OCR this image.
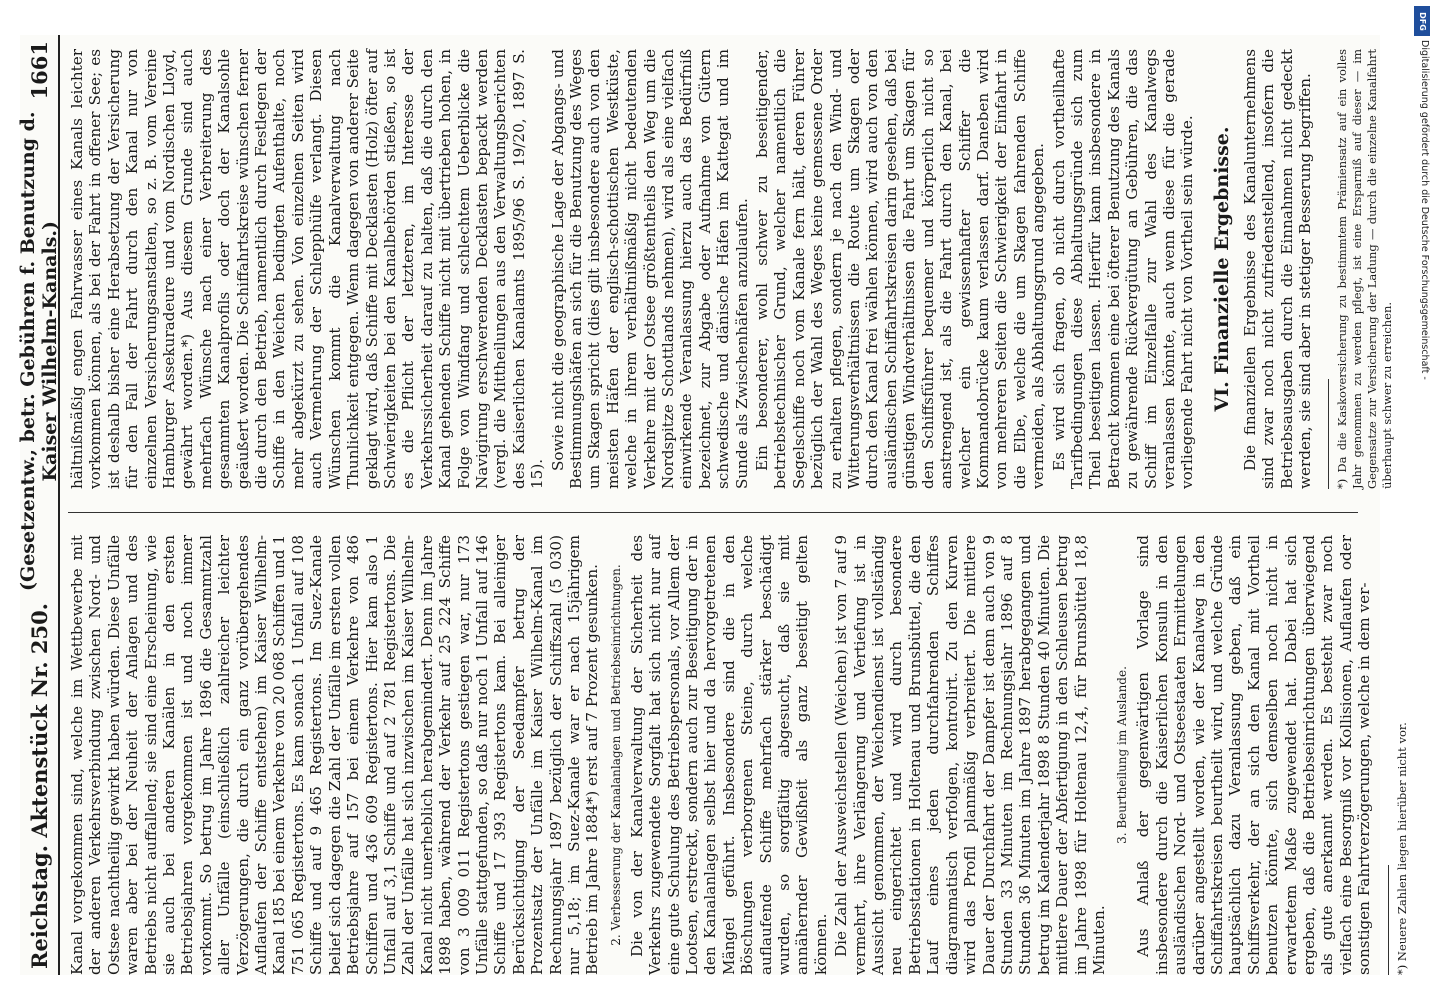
Reichstag. Aktenstück Nr. 250.
(Gesetzentw., betr. Gebühren f. Benutzung d. Kaiser Wilhelm-Kanals.)
1661

Kanal vorgekommen sind, welche im Wettbewerbe mit der anderen Verkehrsverbindung zwischen Nord- und Ostsee nachtheilig gewirkt haben würden. Diese Unfälle waren aber bei der Neuheit der Anlagen und des Betriebs nicht auffallend; sie sind eine Erscheinung, wie sie auch bei anderen Kanälen in den ersten Betriebsjahren vorgekommen ist und noch immer vorkommt. So betrug im Jahre 1896 die Gesammtzahl aller Unfälle (einschließlich zahlreicher leichter Verzögerungen, die durch ein ganz vorübergehendes Auflaufen der Schiffe entstehen) im Kaiser Wilhelm-Kanal 185 bei einem Verkehre von 20 068 Schiffen und 1 751 065 Registertons. Es kam sonach 1 Unfall auf 108 Schiffe und auf 9 465 Registertons. Im Suez-Kanale belief sich dagegen die Zahl der Unfälle im ersten vollen Betriebsjahre auf 157 bei einem Verkehre von 486 Schiffen und 436 609 Registertons. Hier kam also 1 Unfall auf 3,1 Schiffe und auf 2 781 Registertons. Die Zahl der Unfälle hat sich inzwischen im Kaiser Wilhelm-Kanal nicht unerheblich herabgemindert. Denn im Jahre 1898 haben, während der Verkehr auf 25 224 Schiffe von 3 009 011 Registertons gestiegen war, nur 173 Unfälle stattgefunden, so daß nur noch 1 Unfall auf 146 Schiffe und 17 393 Registertons kam. Bei alleiniger Berücksichtigung der Seedampfer betrug der Prozentsatz der Unfälle im Kaiser Wilhelm-Kanal im Rechnungsjahr 1897 bezüglich der Schiffszahl (5 030) nur 5,18; im Suez-Kanale war er nach 15jährigem Betrieb im Jahre 1884*) erst auf 7 Prozent gesunken. 2. Verbesserung der Kanalanlagen und Betriebseinrichtungen. Die von der Kanalverwaltung der Sicherheit des Verkehrs zugewendete Sorgfalt hat sich nicht nur auf eine gute Schulung des Betriebspersonals, vor Allem der Lootsen, erstreckt, sondern auch zur Beseitigung der in den Kanalanlagen selbst hier und da hervorgetretenen Mängel geführt. Insbesondere sind die in den Böschungen verborgenen Steine, durch welche auflaufende Schiffe mehrfach stärker beschädigt wurden, so sorgfältig abgesucht, daß sie mit annähernder Gewißheit als ganz beseitigt gelten können. Die Zahl der Ausweichstellen (Weichen) ist von 7 auf 9 vermehrt, ihre Verlängerung und Vertiefung ist in Aussicht genommen, der Weichendienst ist vollständig neu eingerichtet und wird durch besondere Betriebsstationen in Holtenau und Brunsbüttel, die den Lauf eines jeden durchfahrenden Schiffes diagrammatisch verfolgen, kontrolirt. Zu den Kurven wird das Profil planmäßig verbreitert. Die mittlere Dauer der Durchfahrt der Dampfer ist denn auch von 9 Stunden 33 Minuten im Rechnungsjahr 1896 auf 8 Stunden 36 Minuten im Jahre 1897 herabgegangen und betrug im Kalenderjahr 1898 8 Stunden 40 Minuten. Die mittlere Dauer der Abfertigung in den Schleusen betrug im Jahre 1898 für Holtenau 12,4, für Brunsbüttel 18,8 Minuten.

3. Beurtheilung im Auslande. Aus Anlaß der gegenwärtigen Vorlage sind insbesondere durch die Kaiserlichen Konsuln in den ausländischen Nord- und Ostseestaaten Ermittelungen darüber angestellt worden, wie der Kanalweg in den Schiffahrtskreisen beurtheilt wird, und welche Gründe hauptsächlich dazu Veranlassung geben, daß ein Schiffsverkehr, der an sich den Kanal mit Vortheil benutzen könnte, sich demselben noch nicht in erwartetem Maße zugewendet hat. Dabei hat sich ergeben, daß die Betriebseinrichtungen überwiegend als gute anerkannt werden. Es besteht zwar noch vielfach eine Besorgniß vor Kollisionen, Auflaufen oder sonstigen Fahrtverzögerungen, welche in dem ver- *) Neuere Zahlen liegen hierüber nicht vor.

hältnißmäßig engen Fahrwasser eines Kanals leichter vorkommen können, als bei der Fahrt in offener See; es ist deshalb bisher eine Herabsetzung der Versicherung für den Fall der Fahrt durch den Kanal nur von einzelnen Versicherungsanstalten, so z. B. vom Vereine Hamburger Assekuradeure und vom Nordischen Lloyd, gewährt worden.*) Aus diesem Grunde sind auch mehrfach Wünsche nach einer Verbreiterung des gesammten Kanalprofils oder doch der Kanalsohle geäußert worden. Die Schiffahrtskreise wünschen ferner die durch den Betrieb, namentlich durch Festlegen der Schiffe in den Weichen bedingten Aufenthalte, noch mehr abgekürzt zu sehen. Von einzelnen Seiten wird auch Vermehrung der Schlepphülfe verlangt. Diesen Wünschen kommt die Kanalverwaltung nach Thunlichkeit entgegen. Wenn dagegen von anderer Seite geklagt wird, daß Schiffe mit Decklasten (Holz) öfter auf Schwierigkeiten bei den Kanalbehörden stießen, so ist es die Pflicht der letzteren, im Interesse der Verkehrssicherheit darauf zu halten, daß die durch den Kanal gehenden Schiffe nicht mit übertrieben hohen, in Folge von Windfang und schlechtem Ueberblicke die Navigirung erschwerenden Decklasten bepackt werden (vergl. die Mittheilungen aus den Verwaltungsberichten des Kaiserlichen Kanalamts 1895/96 S. 19/20, 1897 S. 15).

Sowie nicht die geographische Lage der Abgangs- und Bestimmungshäfen an sich für die Benutzung des Weges um Skagen spricht (dies gilt insbesondere auch von den meisten Häfen der englisch-schottischen Westküste, welche in ihrem verhältnißmäßig nicht bedeutenden Verkehre mit der Ostsee größtentheils den Weg um die Nordspitze Schottlands nehmen), wird als eine vielfach einwirkende Veranlassung hierzu auch das Bedürfniß bezeichnet, zur Abgabe oder Aufnahme von Gütern schwedische und dänische Häfen im Kattegat und im Sunde als Zwischenhäfen anzulaufen. Ein besonderer, wohl schwer zu beseitigender, betriebstechnischer Grund, welcher namentlich die Segelschiffe noch vom Kanale fern hält, deren Führer bezüglich der Wahl des Weges keine gemessene Order zu erhalten pflegen, sondern je nach den Wind- und Witterungsverhältnissen die Route um Skagen oder durch den Kanal frei wählen können, wird auch von den ausländischen Schiffahrtskreisen darin gesehen, daß bei günstigen Windverhältnissen die Fahrt um Skagen für den Schiffsführer bequemer und körperlich nicht so anstrengend ist, als die Fahrt durch den Kanal, bei welcher ein gewissenhafter Schiffer die Kommandobrücke kaum verlassen darf. Daneben wird von mehreren Seiten die Schwierigkeit der Einfahrt in die Elbe, welche die um Skagen fahrenden Schiffe vermeiden, als Abhaltungsgrund angegeben. Es wird sich fragen, ob nicht durch vortheilhafte Tarifbedingungen diese Abhaltungsgründe sich zum Theil beseitigen lassen. Hierfür kann insbesondere in Betracht kommen eine bei öfterer Benutzung des Kanals zu gewährende Rückvergütung an Gebühren, die das Schiff im Einzelfalle zur Wahl des Kanalwegs veranlassen könnte, auch wenn diese für die gerade vorliegende Fahrt nicht von Vortheil sein würde. VI. Finanzielle Ergebnisse. Die finanziellen Ergebnisse des Kanalunternehmens sind zwar noch nicht zufriedenstellend, insofern die Betriebsausgaben durch die Einnahmen nicht gedeckt werden, sie sind aber in stetiger Besserung begriffen. *) Da die Kaskoversicherung zu bestimmtem Prämiensatz auf ein volles Jahr genommen zu werden pflegt, ist eine Ersparniß auf dieser — im Gegensatze zur Versicherung der Ladung — durch die einzelne Kanalfahrt überhaupt schwer zu erreichen.

DFG
Digitalisierung gefördert durch die Deutsche Forschungsgemeinschaft -
